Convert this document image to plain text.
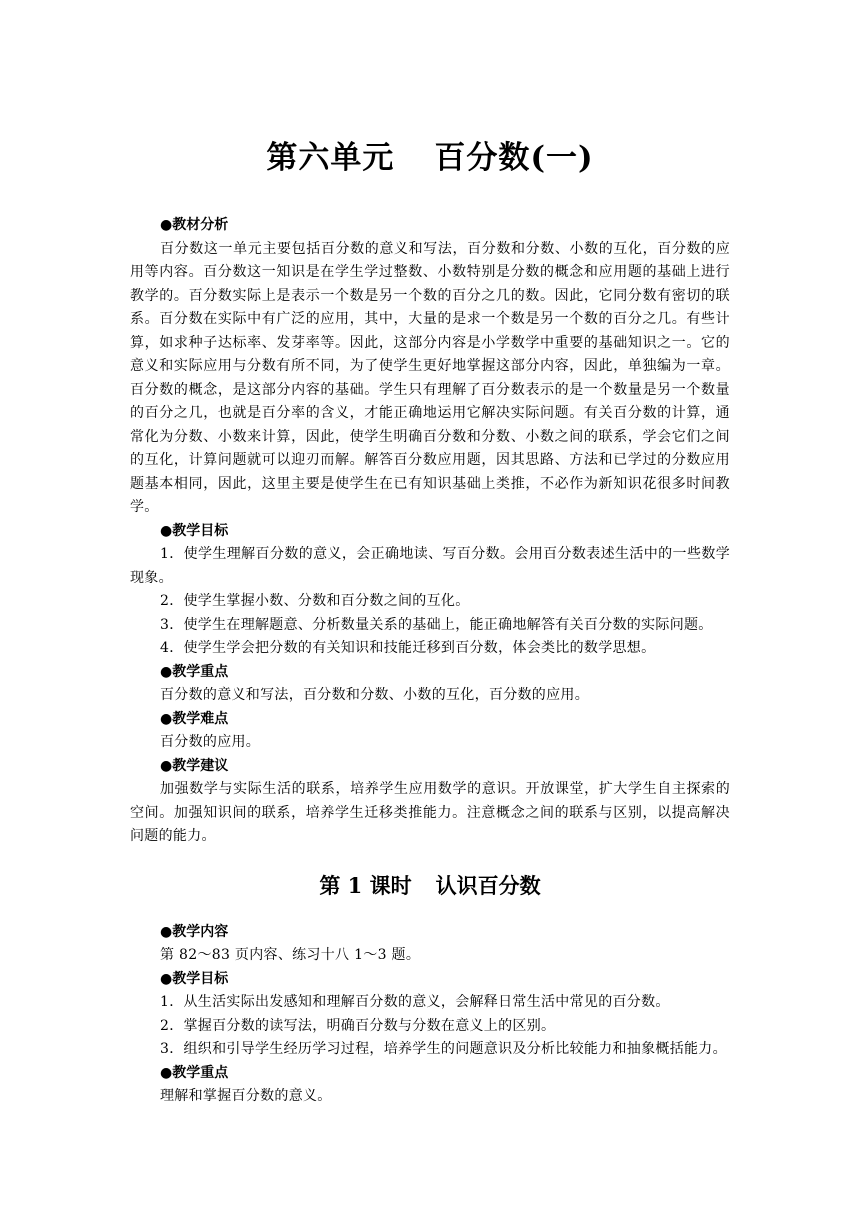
第六单元 百分数(一)
●教材分析

百分数这一单元主要包括百分数的意义和写法，百分数和分数、小数的互化，百分数的应用等内容。百分数这一知识是在学生学过整数、小数特别是分数的概念和应用题的基础上进行教学的。百分数实际上是表示一个数是另一个数的百分之几的数。因此，它同分数有密切的联系。百分数在实际中有广泛的应用，其中，大量的是求一个数是另一个数的百分之几。有些计算，如求种子达标率、发芽率等。因此，这部分内容是小学数学中重要的基础知识之一。它的意义和实际应用与分数有所不同，为了使学生更好地掌握这部分内容，因此，单独编为一章。百分数的概念，是这部分内容的基础。学生只有理解了百分数表示的是一个数量是另一个数量的百分之几，也就是百分率的含义，才能正确地运用它解决实际问题。有关百分数的计算，通常化为分数、小数来计算，因此，使学生明确百分数和分数、小数之间的联系，学会它们之间的互化，计算问题就可以迎刃而解。解答百分数应用题，因其思路、方法和已学过的分数应用题基本相同，因此，这里主要是使学生在已有知识基础上类推，不必作为新知识花很多时间教学。

●教学目标

1．使学生理解百分数的意义，会正确地读、写百分数。会用百分数表述生活中的一些数学现象。

2．使学生掌握小数、分数和百分数之间的互化。

3．使学生在理解题意、分析数量关系的基础上，能正确地解答有关百分数的实际问题。

4．使学生学会把分数的有关知识和技能迁移到百分数，体会类比的数学思想。

●教学重点

百分数的意义和写法，百分数和分数、小数的互化，百分数的应用。

●教学难点

百分数的应用。

●教学建议

加强数学与实际生活的联系，培养学生应用数学的意识。开放课堂，扩大学生自主探索的空间。加强知识间的联系，培养学生迁移类推能力。注意概念之间的联系与区别，以提高解决问题的能力。

第 1 课时 认识百分数
●教学内容

第 82～83 页内容、练习十八 1～3 题。

●教学目标

1．从生活实际出发感知和理解百分数的意义，会解释日常生活中常见的百分数。

2．掌握百分数的读写法，明确百分数与分数在意义上的区别。

3．组织和引导学生经历学习过程，培养学生的问题意识及分析比较能力和抽象概括能力。

●教学重点

理解和掌握百分数的意义。
